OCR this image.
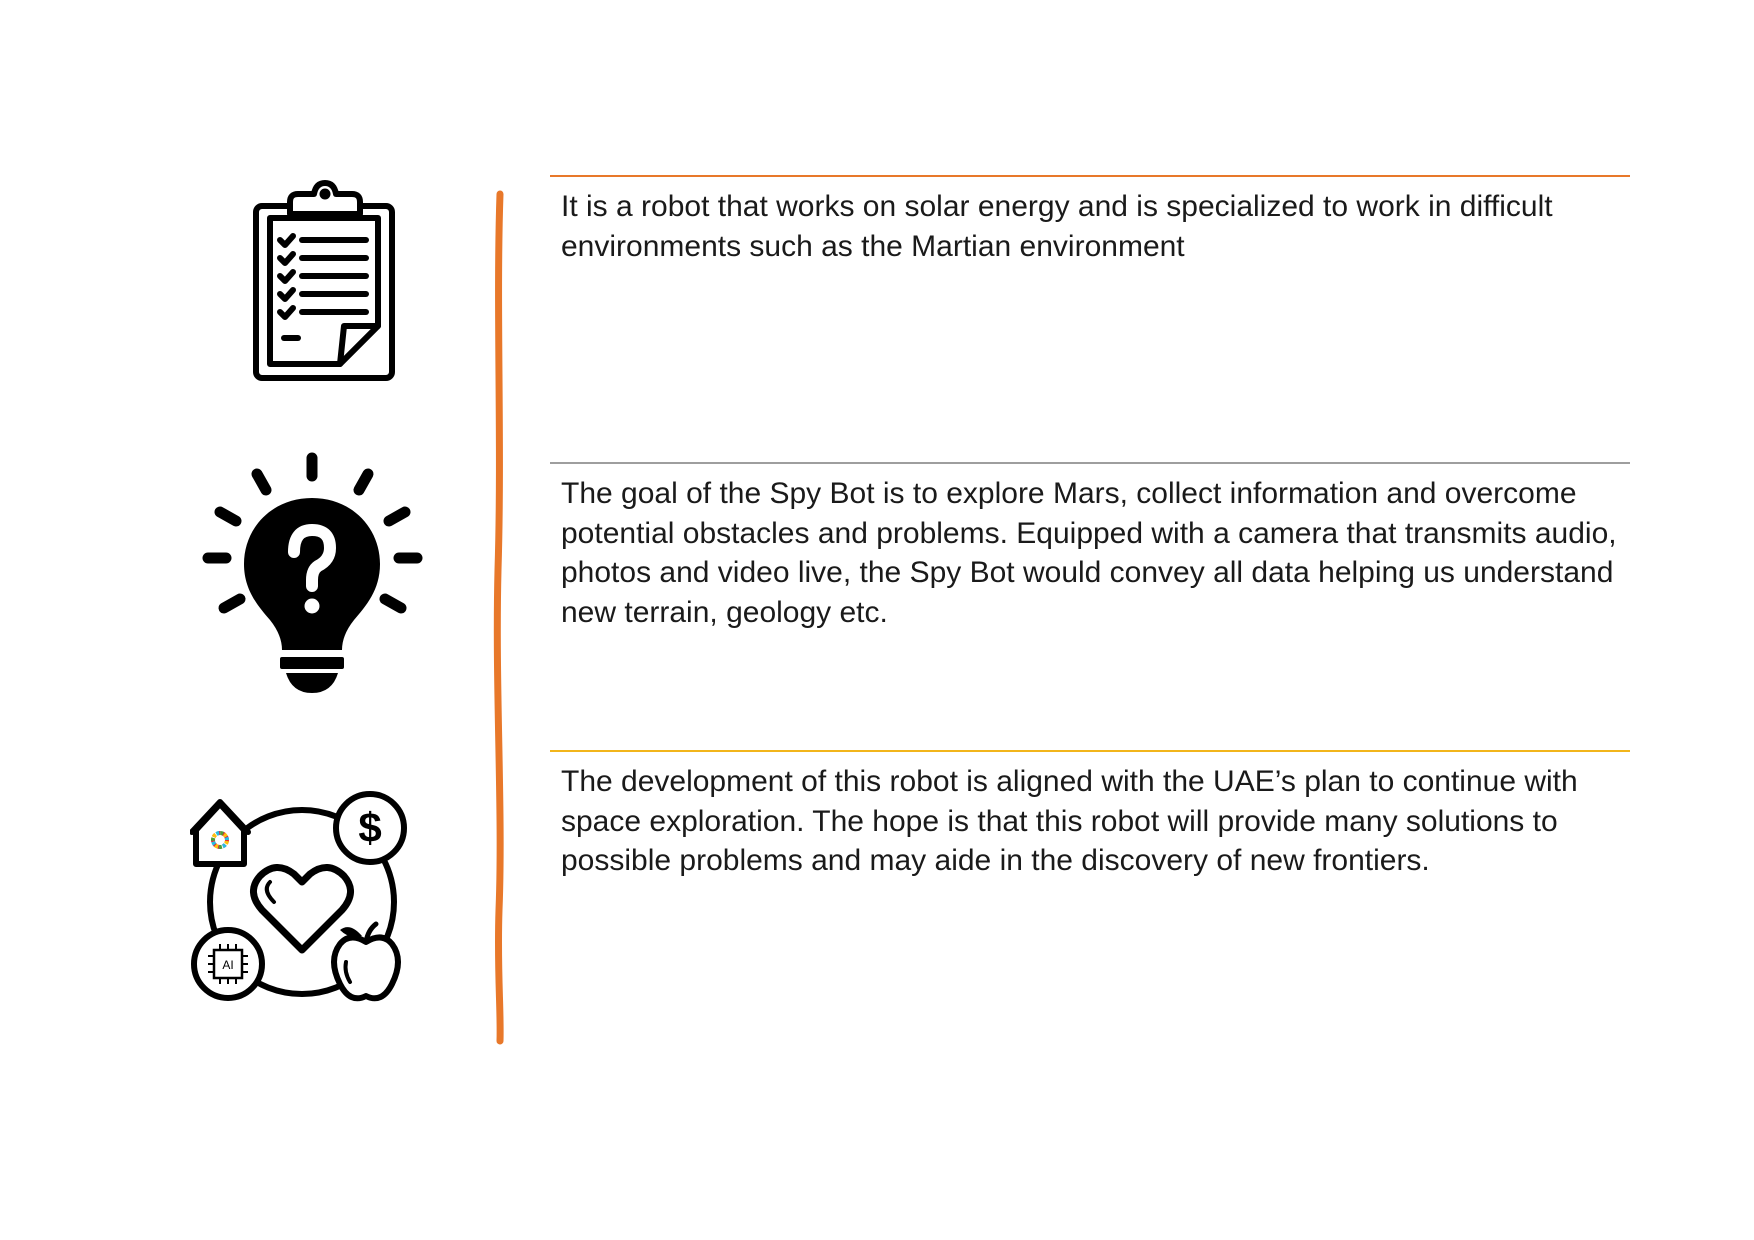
$
AI

It is a robot that works on solar energy and is specialized to work in difficult environments such as the Martian environment

The goal of the Spy Bot is to explore Mars, collect information and overcome potential obstacles and problems. Equipped with a camera that transmits audio, photos and video live, the Spy Bot would convey all data helping us understand new terrain, geology etc.

The development of this robot is aligned with the UAE’s plan to continue with space exploration. The hope is that this robot will provide many solutions to possible problems and may aide in the discovery of new frontiers.
